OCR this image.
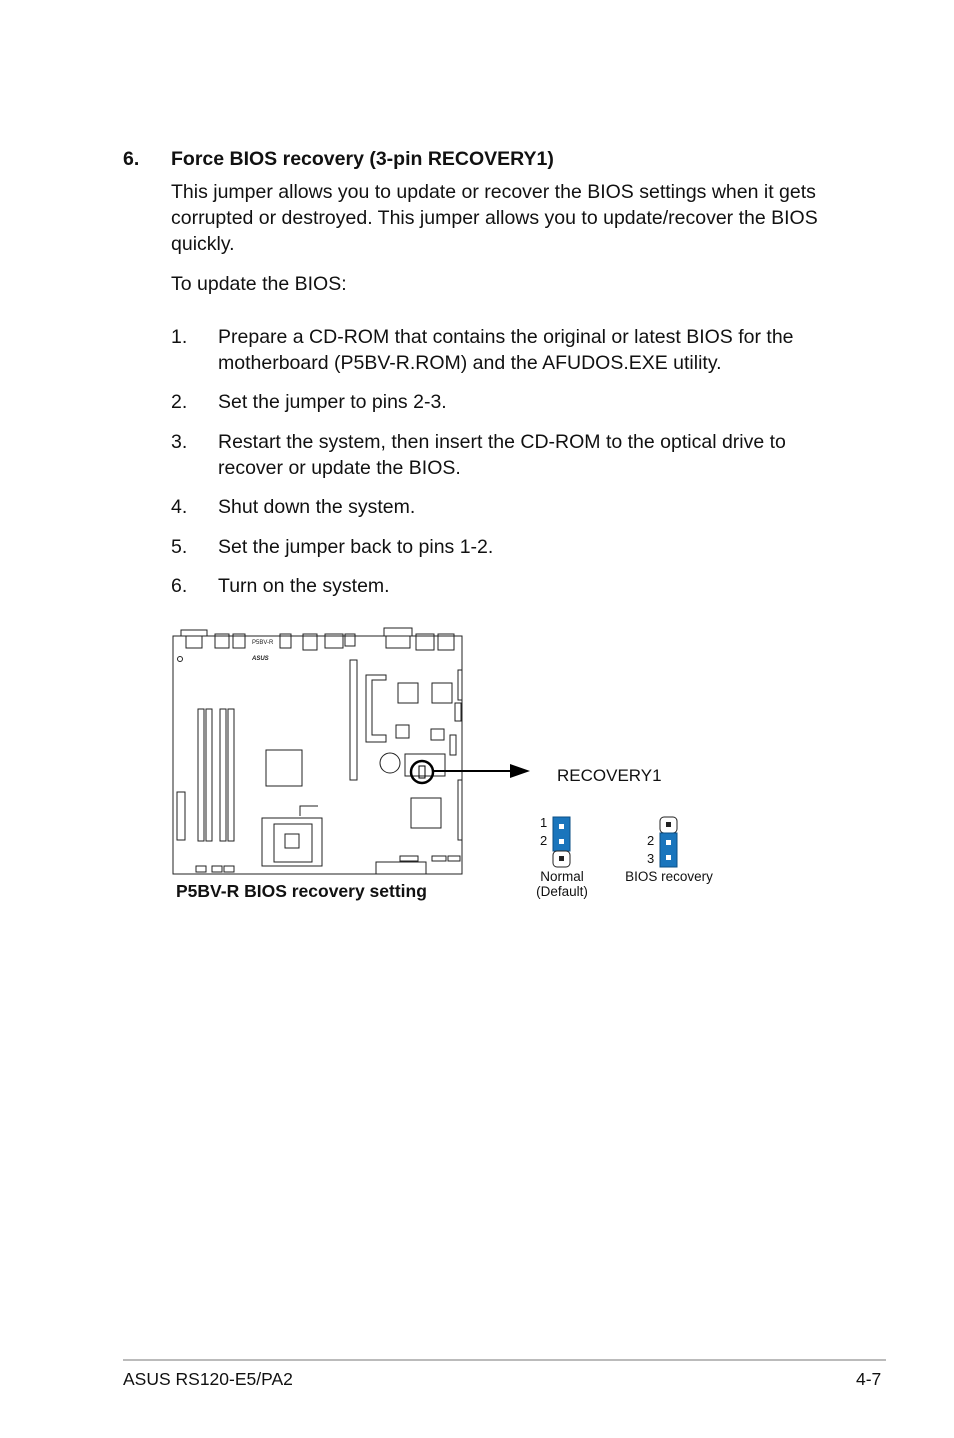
6. Force BIOS recovery (3-pin RECOVERY1)
This jumper allows you to update or recover the BIOS settings when it gets corrupted or destroyed. This jumper allows you to update/recover the BIOS quickly.
To update the BIOS:
1. Prepare a CD-ROM that contains the original or latest BIOS for the motherboard (P5BV-R.ROM) and the AFUDOS.EXE utility.
2. Set the jumper to pins 2-3.
3. Restart the system, then insert the CD-ROM to the optical drive to recover or update the BIOS.
4. Shut down the system.
5. Set the jumper back to pins 1-2.
6. Turn on the system.
P5BV-R
ASUS
RECOVERY1
1
2
Normal
(Default)
2
3
BIOS recovery
P5BV-R BIOS recovery setting
ASUS RS120-E5/PA2	4-7
